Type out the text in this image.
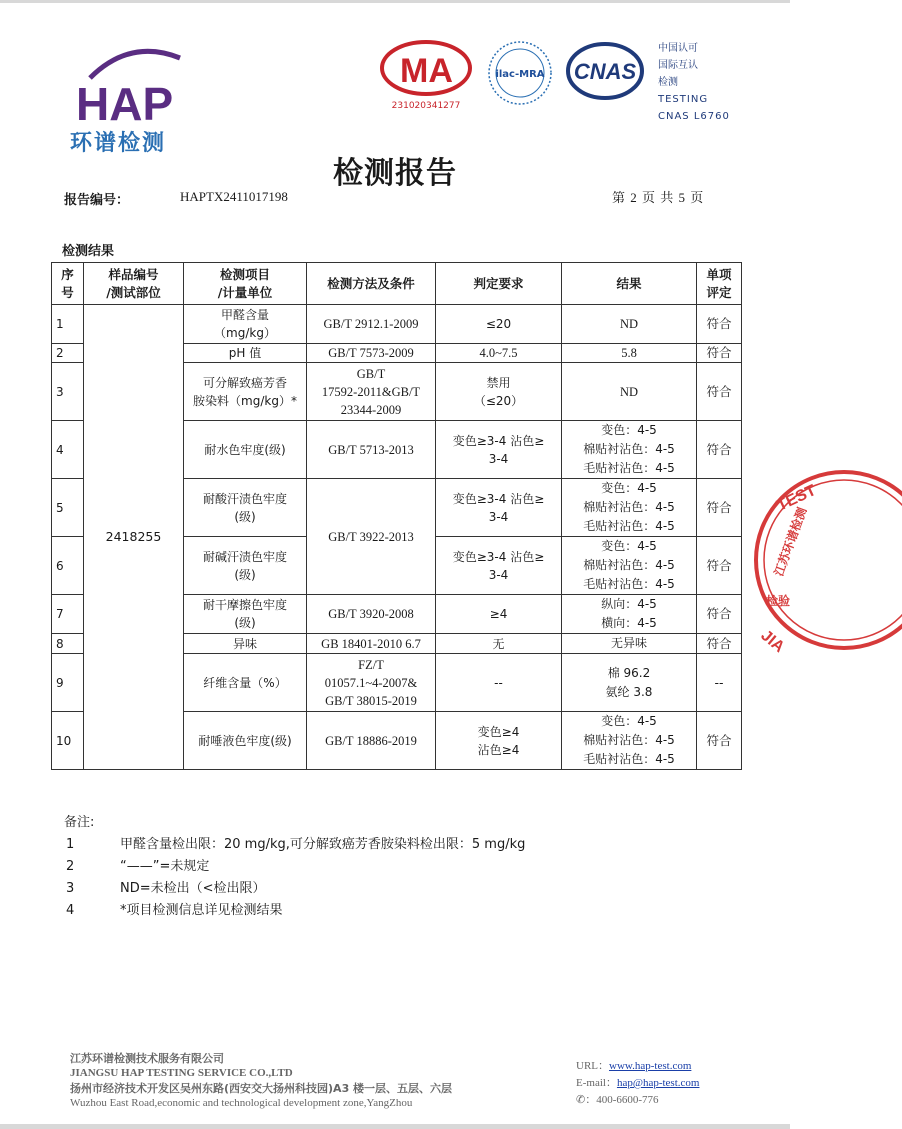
HAP
环谱检测
MA
231020341277
ilac-MRA CNAS
中国认可
国际互认
检测
TESTING
CNAS L6760
检测报告
报告编号：	HAPTX2411017198	第 2 页 共 5 页
检测结果
序
号	样品编号
/测试部位	检测项目
/计量单位	检测方法及条件	判定要求	结果	单项
评定

1	2418255	甲醛含量
（mg/kg）	GB/T 2912.1-2009	≤20	ND	符合
2		pH 值	GB/T 7573-2009	4.0~7.5	5.8	符合
3		可分解致癌芳香
胺染料（mg/kg）*	GB/T
17592-2011&GB/T
23344-2009	禁用
（≤20）	ND	符合
4		耐水色牢度(级)	GB/T 5713-2013	变色≥3-4 沾色≥
3-4	变色：4-5
棉贴衬沾色：4-5
毛贴衬沾色：4-5	符合
5		耐酸汗渍色牢度
(级)	GB/T 3922-2013	变色≥3-4 沾色≥
3-4	变色：4-5
棉贴衬沾色：4-5
毛贴衬沾色：4-5	符合
6		耐碱汗渍色牢度
(级)		变色≥3-4 沾色≥
3-4	变色：4-5
棉贴衬沾色：4-5
毛贴衬沾色：4-5	符合
7		耐干摩擦色牢度
(级)	GB/T 3920-2008	≥4	纵向：4-5
横向：4-5	符合
8		异味	GB 18401-2010 6.7	无	无异味	符合
9		纤维含量（%）	FZ/T
01057.1~4-2007&
GB/T 38015-2019	--	棉 96.2
氨纶 3.8	--
10		耐唾液色牢度(级)	GB/T 18886-2019	变色≥4
沾色≥4	变色：4-5
棉贴衬沾色：4-5
毛贴衬沾色：4-5	符合
备注:
1	甲醛含量检出限：20 mg/kg,可分解致癌芳香胺染料检出限：5 mg/kg
2	“——”=未规定
3	ND=未检出（<检出限）
4	*项目检测信息详见检测结果
TEST
江苏环谱检测
检验
JIA
江苏环谱检测技术服务有限公司
JIANGSU HAP TESTING SERVICE CO.,LTD
扬州市经济技术开发区吴州东路(西安交大扬州科技园)A3 楼一层、五层、六层
Wuzhou East Road,economic and technological development zone,YangZhou
URL：www.hap-test.com
E-mail：hap@hap-test.com
✆：400-6600-776
